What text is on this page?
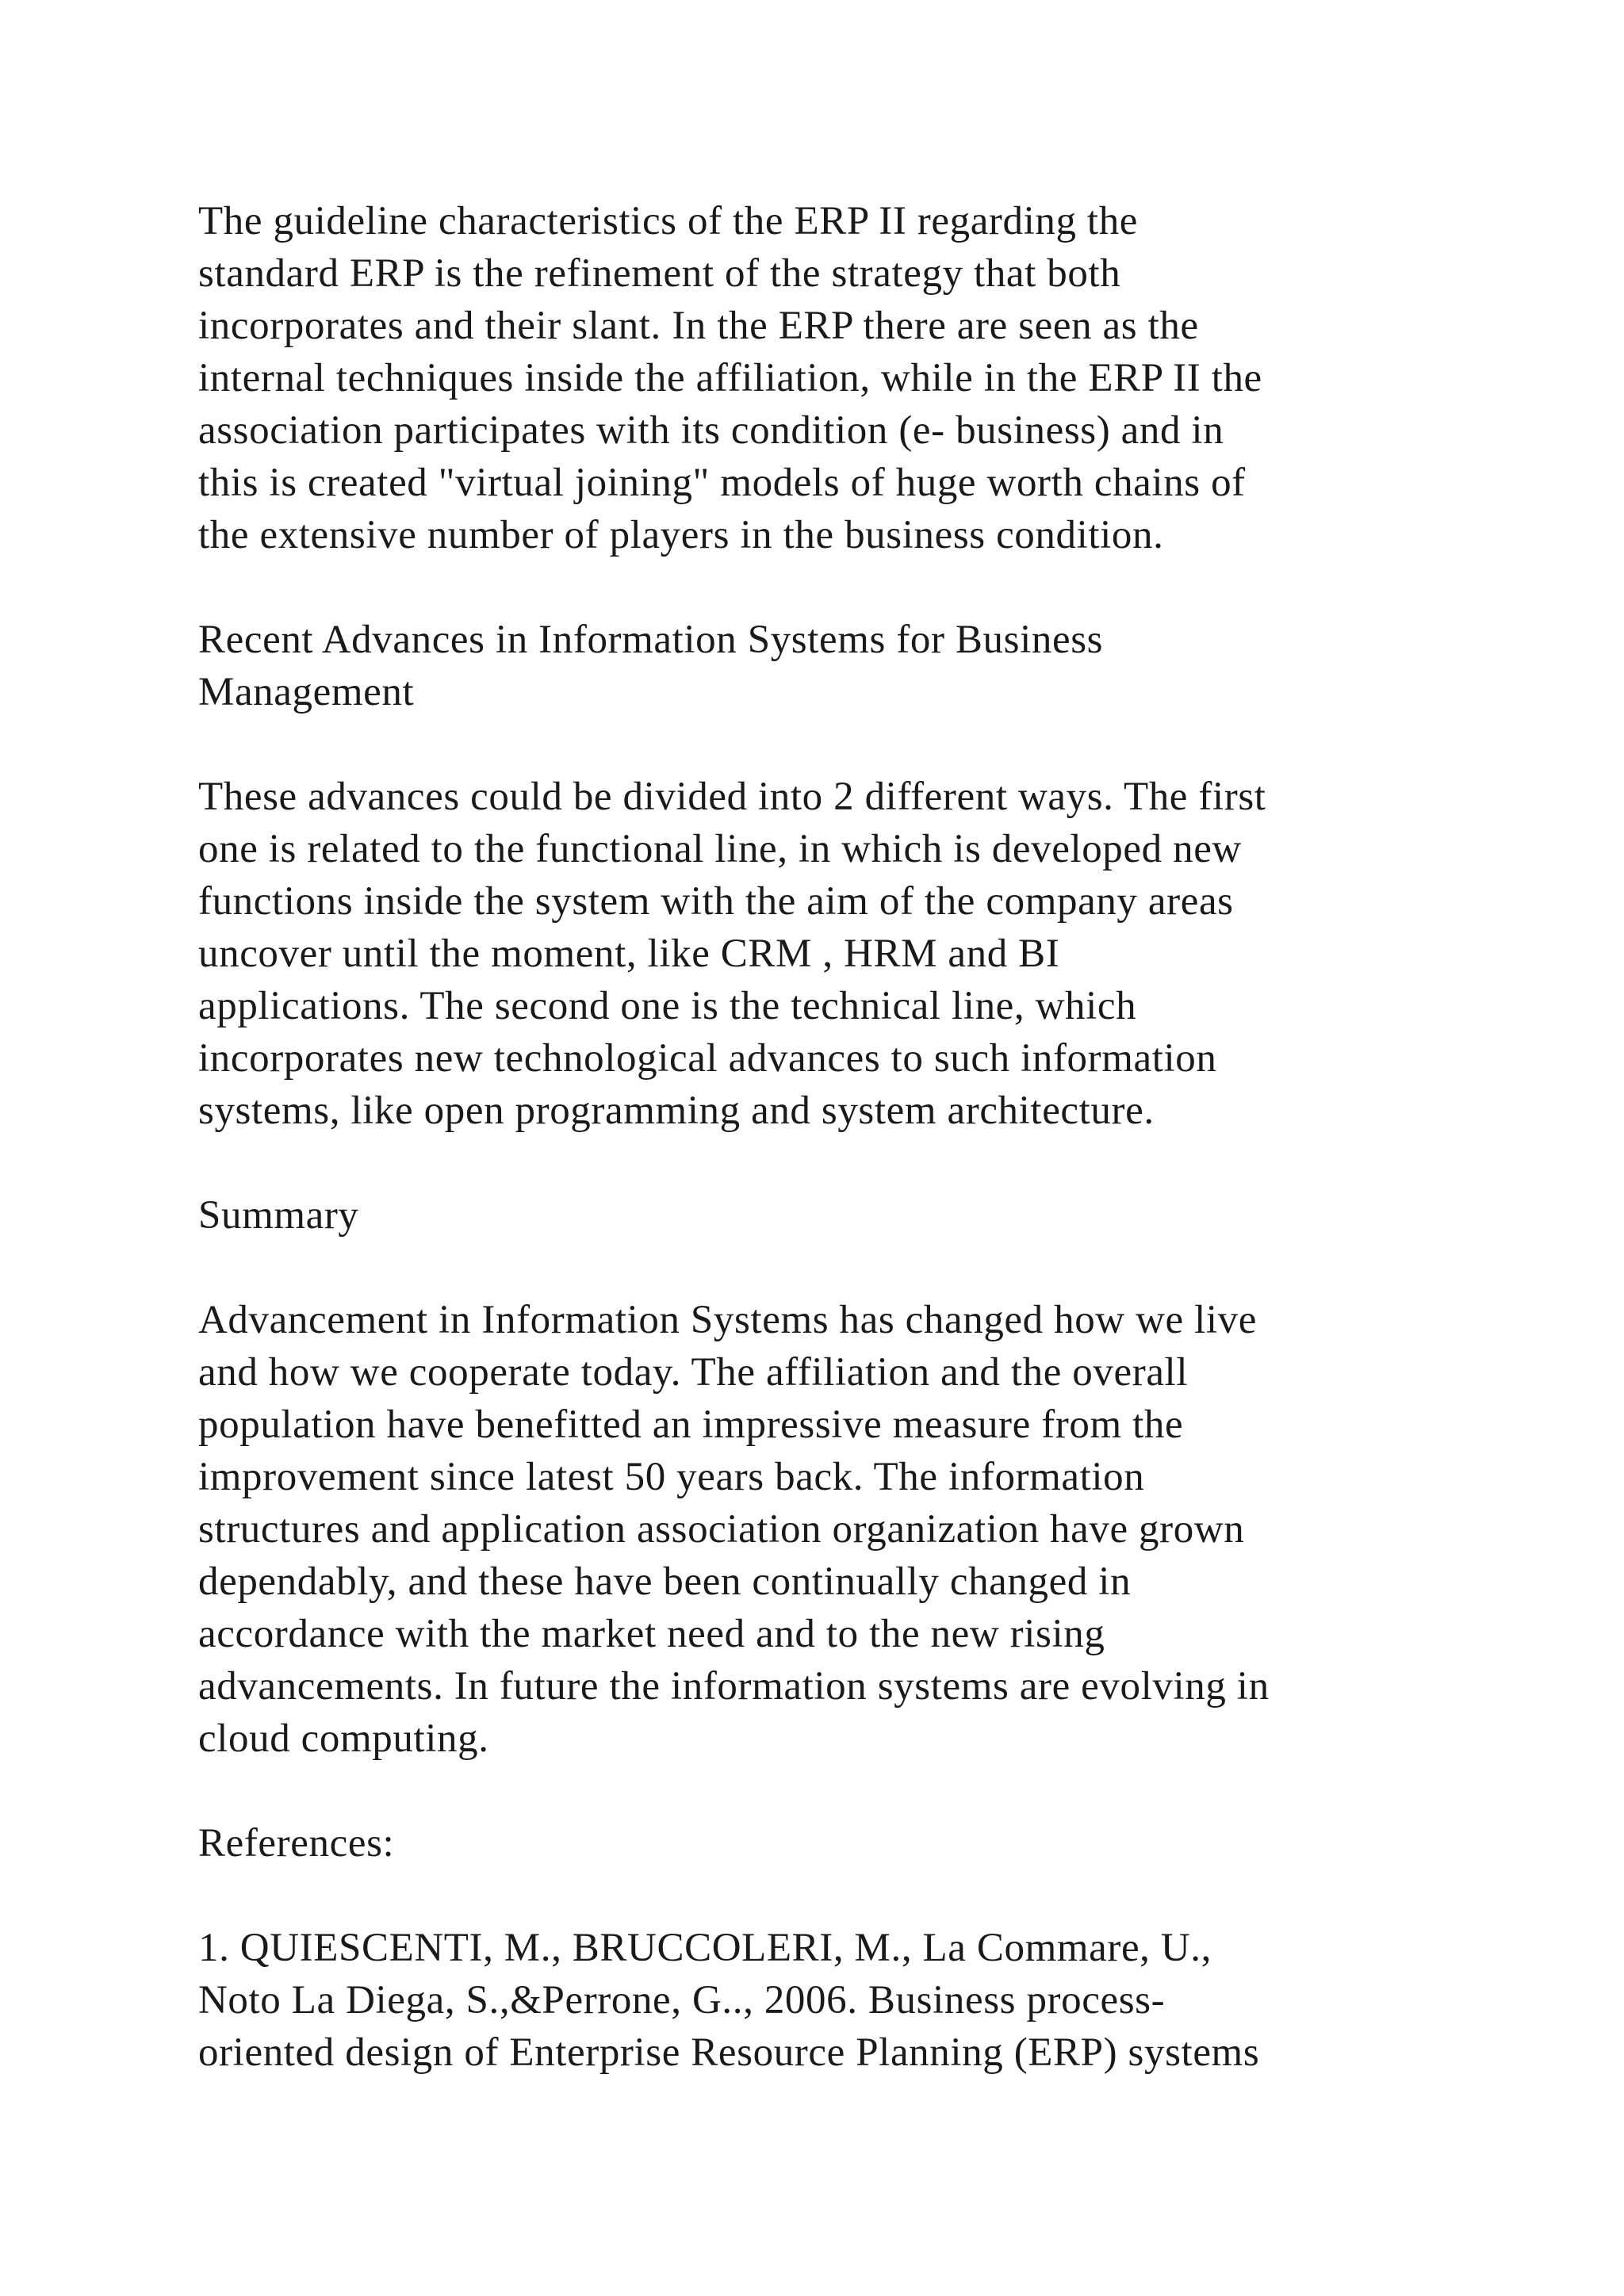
The guideline characteristics of the ERP II regarding the
standard ERP is the refinement of the strategy that both
incorporates and their slant. In the ERP there are seen as the
internal techniques inside the affiliation, while in the ERP II the
association participates with its condition (e- business) and in
this is created "virtual joining" models of huge worth chains of
the extensive number of players in the business condition.

Recent Advances in Information Systems for Business
Management

These advances could be divided into 2 different ways. The first
one is related to the functional line, in which is developed new
functions inside the system with the aim of the company areas
uncover until the moment, like CRM , HRM and BI
applications. The second one is the technical line, which
incorporates new technological advances to such information
systems, like open programming and system architecture.

Summary

Advancement in Information Systems has changed how we live
and how we cooperate today. The affiliation and the overall
population have benefitted an impressive measure from the
improvement since latest 50 years back. The information
structures and application association organization have grown
dependably, and these have been continually changed in
accordance with the market need and to the new rising
advancements. In future the information systems are evolving in
cloud computing.

References:

1. QUIESCENTI, M., BRUCCOLERI, M., La Commare, U.,
Noto La Diega, S.,&Perrone, G.., 2006. Business process-
oriented design of Enterprise Resource Planning (ERP) systems
